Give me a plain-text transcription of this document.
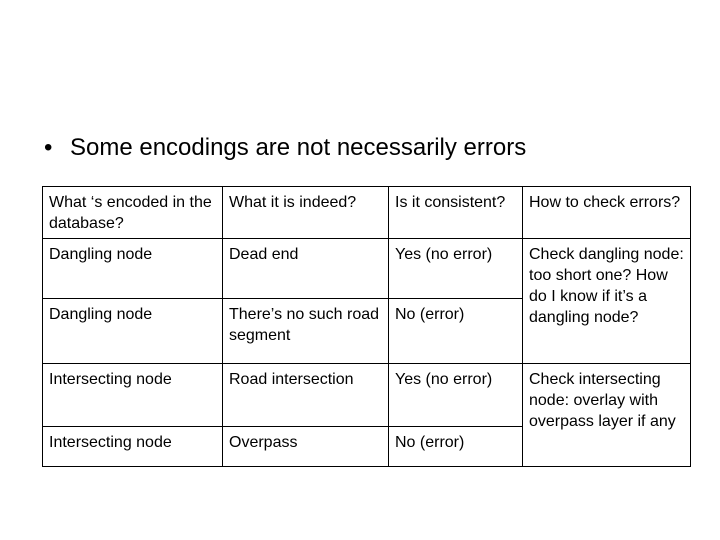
• Some encodings are not necessarily errors
What ‘s encoded in the database?	What it is indeed?	Is it consistent?	How to check errors?
Dangling node	Dead end	Yes (no error)	Check dangling node: too short one? How do I know if it’s a dangling node?
Dangling node	There’s no such road segment	No (error)	
Intersecting node	Road intersection	Yes (no error)	Check intersecting node: overlay with overpass layer if any
Intersecting node	Overpass	No (error)	
